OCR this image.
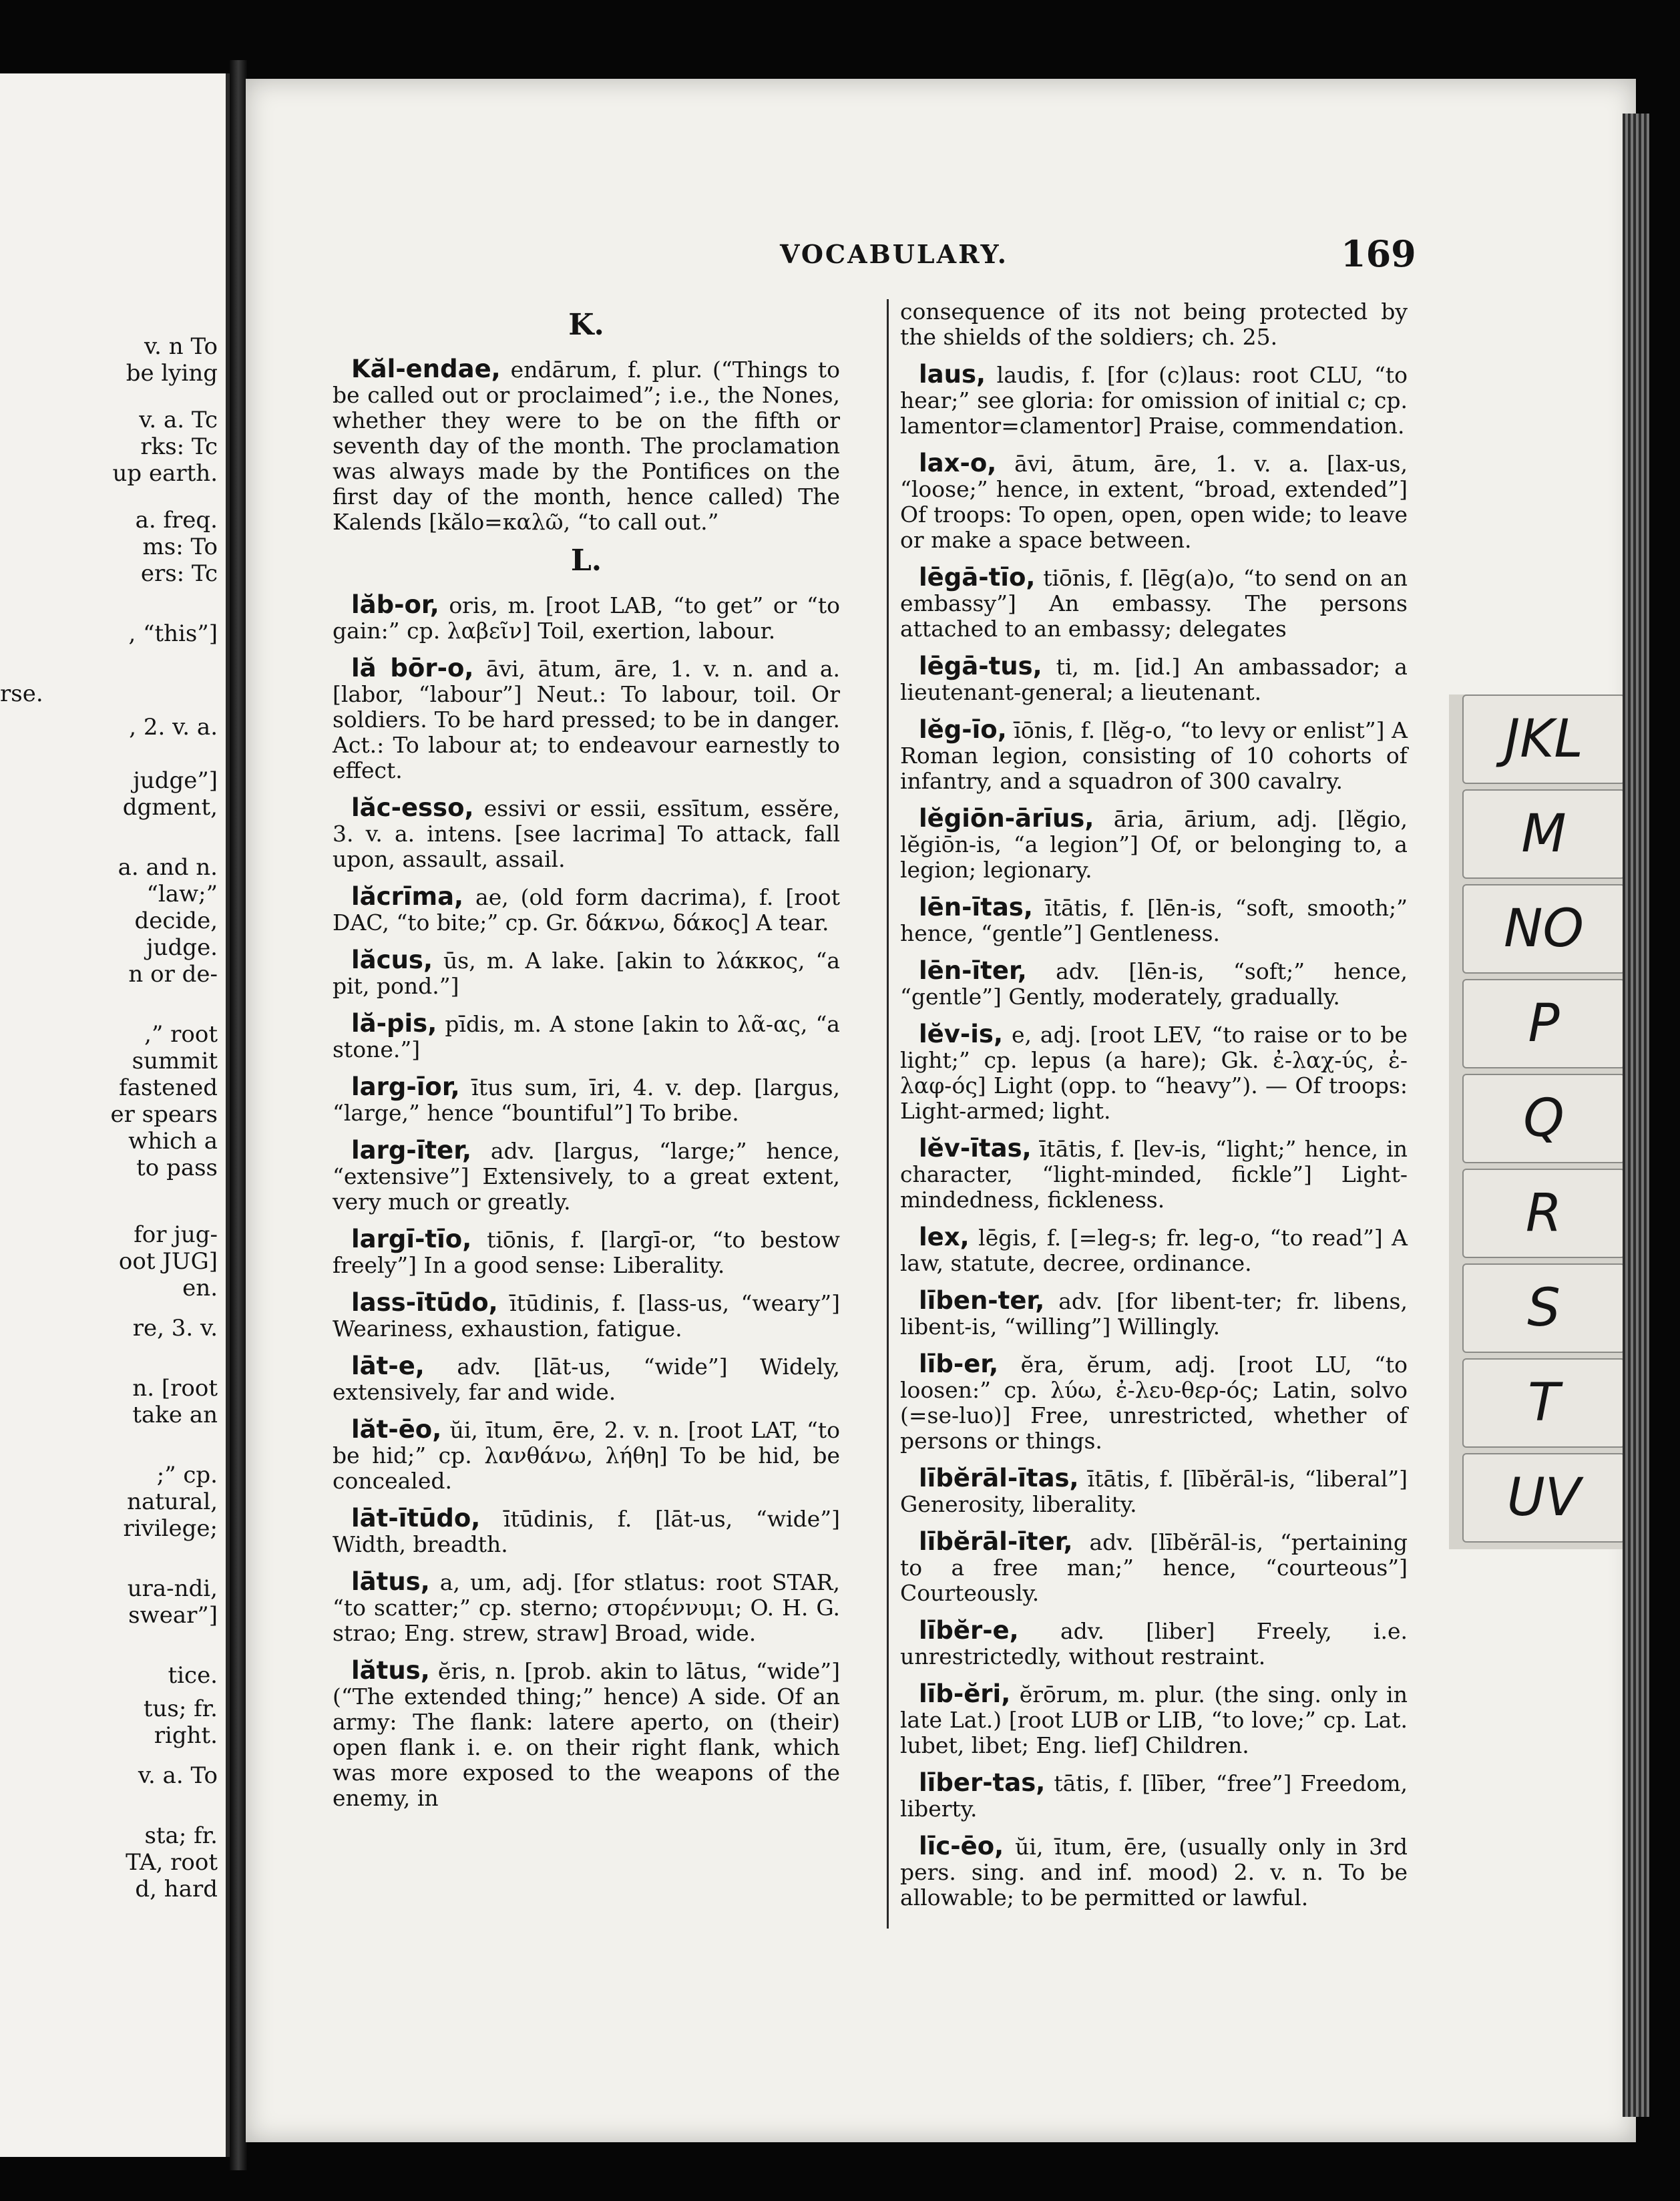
v. n To
be lying
v. a. Tc
rks: Tc
up earth.
a. freq.
ms: To
ers: Tc
, “this”]
rse.
, 2. v. a.
judge”]
dgment,
a. and n.
“law;”
decide,
judge.
n or de-
,” root
summit
fastened
er spears
which a
to pass
for jug-
oot JUG]
en.
re, 3. v.
n. [root
take an
;” cp.
natural,
rivilege;
ura-ndi,
swear”]
tice.
tus; fr.
right.
v. a. To
sta; fr.
TA, root
d, hard
VOCABULARY.	169
K.

Kăl-endae, endārum, f. plur. (“Things to be called out or proclaimed”; i.e., the Nones, whether they were to be on the fifth or seventh day of the month. The proclamation was always made by the Pontifices on the first day of the month, hence called) The Kalends [kălo=καλῶ, “to call out.”

L.

lăb-or, oris, m. [root LAB, “to get” or “to gain:” cp. λαβεῖν] Toil, exertion, labour.

lă bōr-o, āvi, ātum, āre, 1. v. n. and a. [labor, “labour”] Neut.: To labour, toil. Or soldiers. To be hard pressed; to be in danger. Act.: To labour at; to endeavour earnestly to effect.

lăc-esso, essivi or essii, essītum, essĕre, 3. v. a. intens. [see lacrima] To attack, fall upon, assault, assail.

lăcrīma, ae, (old form dacrima), f. [root DAC, “to bite;” cp. Gr. δάκνω, δάκος] A tear.

lăcus, ūs, m. A lake. [akin to λάκκος, “a pit, pond.”]

lă-pis, pīdis, m. A stone [akin to λᾶ-ας, “a stone.”]

larg-īor, ītus sum, īri, 4. v. dep. [largus, “large,” hence “bountiful”] To bribe.

larg-īter, adv. [largus, “large;” hence, “extensive”] Extensively, to a great extent, very much or greatly.

largī-tīo, tiōnis, f. [largī-or, “to bestow freely”] In a good sense: Liberality.

lass-ītūdo, ītūdinis, f. [lass-us, “weary”] Weariness, exhaustion, fatigue.

lāt-e, adv. [lāt-us, “wide”] Widely, extensively, far and wide.

lăt-ēo, ŭi, ītum, ēre, 2. v. n. [root LAT, “to be hid;” cp. λανθάνω, λήθη] To be hid, be concealed.

lāt-ītūdo, ītūdinis, f. [lāt-us, “wide”] Width, breadth.

lātus, a, um, adj. [for stlatus: root STAR, “to scatter;” cp. sterno; στορέννυμι; O. H. G. strao; Eng. strew, straw] Broad, wide.

lătus, ĕris, n. [prob. akin to lātus, “wide”] (“The extended thing;” hence) A side. Of an army: The flank: latere aperto, on (their) open flank i. e. on their right flank, which was more exposed to the weapons of the enemy, in

consequence of its not being protected by the shields of the soldiers; ch. 25.

laus, laudis, f. [for (c)laus: root CLU, “to hear;” see gloria: for omission of initial c; cp. lamentor=clamentor] Praise, commendation.

lax-o, āvi, ātum, āre, 1. v. a. [lax-us, “loose;” hence, in extent, “broad, extended”] Of troops: To open, open, open wide; to leave or make a space between.

lēgā-tīo, tiōnis, f. [lēg(a)o, “to send on an embassy”] An embassy. The persons attached to an embassy; delegates

lēgā-tus, ti, m. [id.] An ambassador; a lieutenant-general; a lieutenant.

lĕg-īo, īōnis, f. [lĕg-o, “to levy or enlist”] A Roman legion, consisting of 10 cohorts of infantry, and a squadron of 300 cavalry.

lĕgiōn-ārīus, āria, ārium, adj. [lĕgio, lĕgiōn-is, “a legion”] Of, or belonging to, a legion; legionary.

lēn-ītas, ītātis, f. [lēn-is, “soft, smooth;” hence, “gentle”] Gentleness.

lēn-īter, adv. [lēn-is, “soft;” hence, “gentle”] Gently, moderately, gradually.

lĕv-is, e, adj. [root LEV, “to raise or to be light;” cp. lepus (a hare); Gk. ἐ-λαχ-ύς, ἐ-λαφ-ός] Light (opp. to “heavy”). — Of troops: Light-armed; light.

lĕv-ītas, ītātis, f. [lev-is, “light;” hence, in character, “light-minded, fickle”] Light-mindedness, fickleness.

lex, lēgis, f. [=leg-s; fr. leg-o, “to read”] A law, statute, decree, ordinance.

līben-ter, adv. [for libent-ter; fr. libens, libent-is, “willing”] Willingly.

līb-er, ĕra, ĕrum, adj. [root LU, “to loosen:” cp. λύω, ἐ-λευ-θερ-ός; Latin, solvo (=se-luo)] Free, unrestricted, whether of persons or things.

lībĕrāl-ītas, ītātis, f. [lībĕrāl-is, “liberal”] Generosity, liberality.

lībĕrāl-īter, adv. [lībĕrāl-is, “pertaining to a free man;” hence, “courteous”] Courteously.

lībĕr-e, adv. [liber] Freely, i.e. unrestrictedly, without restraint.

līb-ĕri, ĕrōrum, m. plur. (the sing. only in late Lat.) [root LUB or LIB, “to love;” cp. Lat. lubet, libet; Eng. lief] Children.

līber-tas, tātis, f. [līber, “free”] Freedom, liberty.

līc-ēo, ŭi, ītum, ēre, (usually only in 3rd pers. sing. and inf. mood) 2. v. n. To be allowable; to be permitted or lawful.

JKL
M
NO
P
Q
R
S
T
UV
